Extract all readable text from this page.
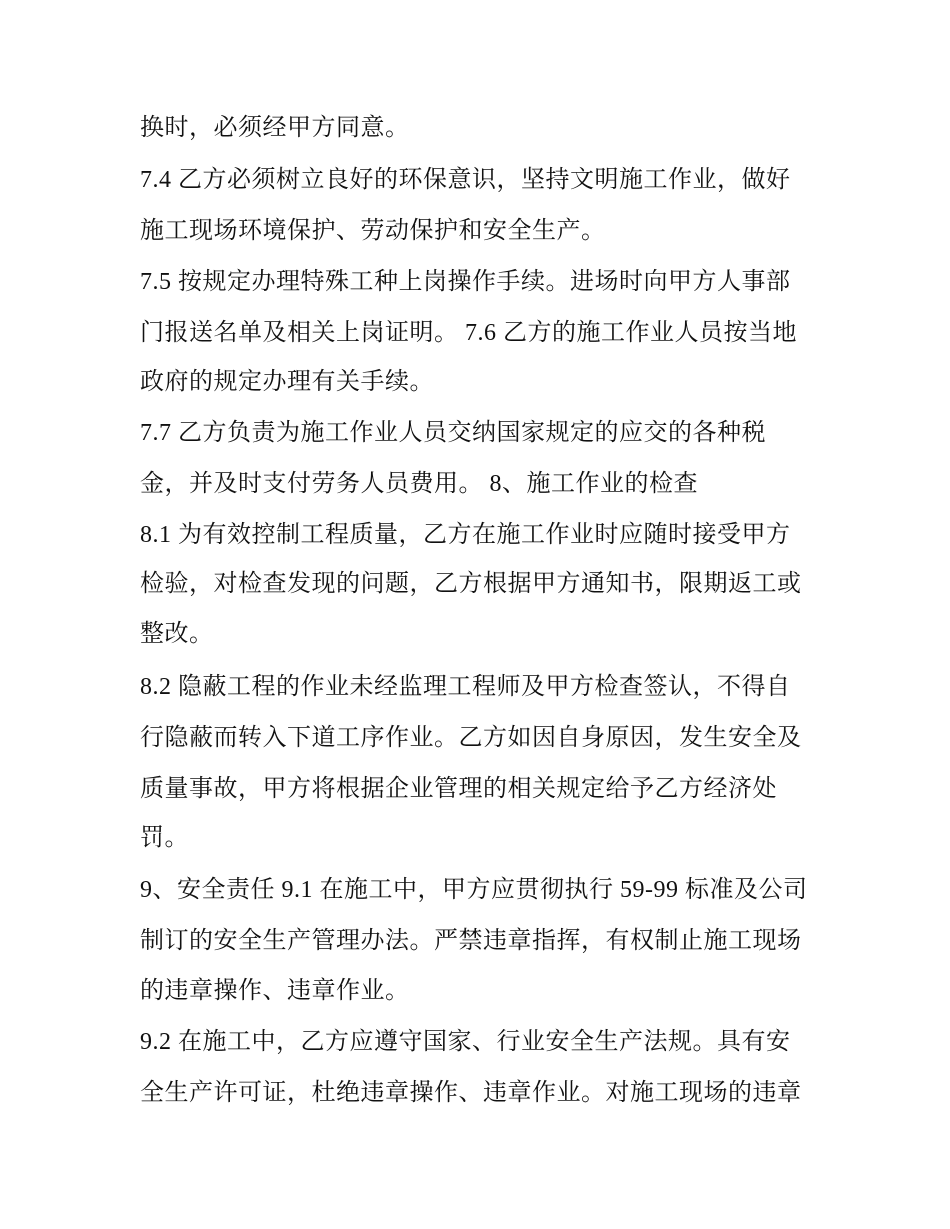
换时，必须经甲方同意。
7.4 乙方必须树立良好的环保意识，坚持文明施工作业，做好
施工现场环境保护、劳动保护和安全生产。
7.5 按规定办理特殊工种上岗操作手续。进场时向甲方人事部
门报送名单及相关上岗证明。 7.6 乙方的施工作业人员按当地
政府的规定办理有关手续。
7.7 乙方负责为施工作业人员交纳国家规定的应交的各种税
金，并及时支付劳务人员费用。 8、施工作业的检查
8.1 为有效控制工程质量，乙方在施工作业时应随时接受甲方
检验，对检查发现的问题，乙方根据甲方通知书，限期返工或
整改。
8.2 隐蔽工程的作业未经监理工程师及甲方检查签认，不得自
行隐蔽而转入下道工序作业。乙方如因自身原因，发生安全及
质量事故，甲方将根据企业管理的相关规定给予乙方经济处
罚。
9、安全责任 9.1 在施工中，甲方应贯彻执行 59-99 标准及公司
制订的安全生产管理办法。严禁违章指挥，有权制止施工现场
的违章操作、违章作业。
9.2 在施工中，乙方应遵守国家、行业安全生产法规。具有安
全生产许可证，杜绝违章操作、违章作业。对施工现场的违章
